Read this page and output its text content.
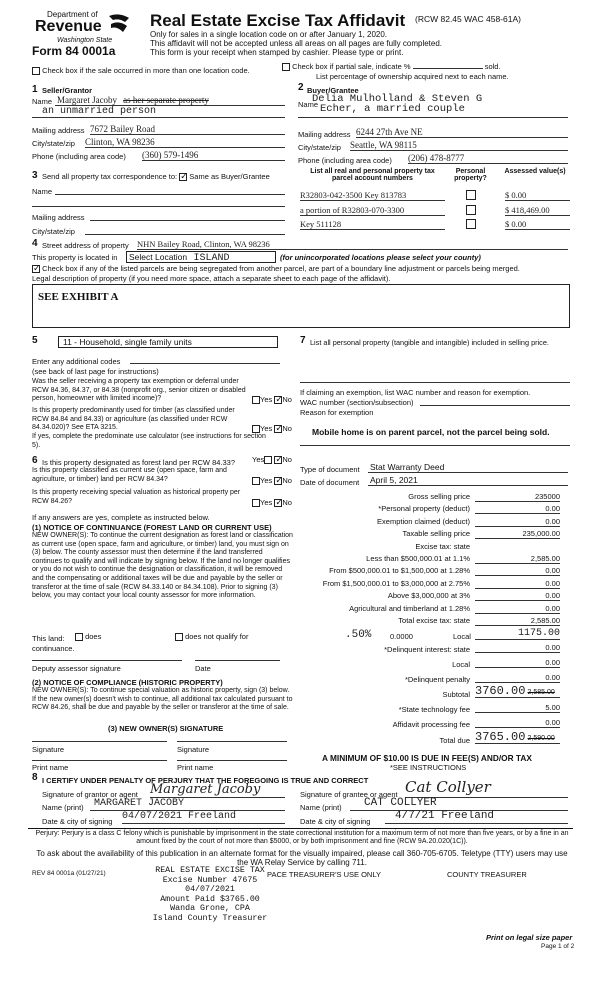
Department of
Revenue
Washington State
Form 84 0001a
Real Estate Excise Tax Affidavit (RCW 82.45 WAC 458-61A)
Only for sales in a single location code on or after January 1, 2020.
This affidavit will not be accepted unless all areas on all pages are fully completed.
This form is your receipt when stamped by cashier. Please type or print.
Check box if the sale occurred in more than one location code.	Check box if partial sale, indicate %	sold.
List percentage of ownership acquired next to each name.
1 Seller/Grantor
Name Margaret Jacoby as her separate property
an unmarried person
Mailing address 7672 Bailey Road
City/state/zip Clinton, WA 98236
Phone (including area code) (360) 579-1496
2 Buyer/Grantee
Name
Delia Mulholland & Steven G
Echer, a married couple
Mailing address 6244 27th Ave NE
City/state/zip Seattle, WA 98115
Phone (including area code) (206) 478-8777
3 Send all property tax correspondence to: ✓ Same as Buyer/Grantee
Name
Mailing address
City/state/zip
List all real and personal property tax parcel account numbers
Personal property?
Assessed value(s)
R32803-042-3500 Key 813783	$ 0.00
a portion of R32803-070-3300	$ 418,469.00
Key 511128	$ 0.00
4 Street address of property NHN Bailey Road, Clinton, WA 98236
This property is located in	Select Location ISLAND	(for unincorporated locations please select your county)
✓ Check box if any of the listed parcels are being segregated from another parcel, are part of a boundary line adjustment or parcels being merged.
Legal description of property (if you need more space, attach a separate sheet to each page of the affidavit).
SEE EXHIBIT A
5	11 - Household, single family units
Enter any additional codes
(see back of last page for instructions)
Was the seller receiving a property tax exemption or deferral under RCW 84.36, 84.37, or 84.38 (nonprofit org., senior citizen or disabled person, homeowner with limited income)?	Yes ✓ No
Is this property predominantly used for timber (as classified under RCW 84.84 and 84.33) or agriculture (as classified under RCW 84.34.020)? See ETA 3215.	Yes ✓ No
If yes, complete the predominate use calculator (see instructions for section 5).
6 Is this property designated as forest land per RCW 84.33? Yes ✓ No
Is this property classified as current use (open space, farm and agriculture, or timber) land per RCW 84.34?	Yes ✓ No
Is this property receiving special valuation as historical property per RCW 84.26?	Yes ✓ No
If any answers are yes, complete as instructed below.
(1) NOTICE OF CONTINUANCE (FOREST LAND OR CURRENT USE)
NEW OWNER(S): To continue the current designation as forest land or classification as current use (open space, farm and agriculture, or timber) land, you must sign on (3) below. The county assessor must then determine if the land transferred continues to qualify and will indicate by signing below. If the land no longer qualifies or you do not wish to continue the designation or classification, it will be removed and the compensating or additional taxes will be due and payable by the seller or transferor at the time of sale (RCW 84.33.140 or 84.34.108). Prior to signing (3) below, you may contact your local county assessor for more information.
This land:	does	does not qualify for
continuance.
Deputy assessor signature	Date
(2) NOTICE OF COMPLIANCE (HISTORIC PROPERTY)
NEW OWNER(S): To continue special valuation as historic property, sign (3) below. If the new owner(s) doesn't wish to continue, all additional tax calculated pursuant to RCW 84.26, shall be due and payable by the seller or transferor at the time of sale.
(3) NEW OWNER(S) SIGNATURE
Signature	Signature
Print name	Print name
7 List all personal property (tangible and intangible) included in selling price.
If claiming an exemption, list WAC number and reason for exemption.
WAC number (section/subsection)
Reason for exemption
Mobile home is on parent parcel, not the parcel being sold.
Type of document Stat Warranty Deed
Date of document April 5, 2021
Gross selling price	235000
*Personal property (deduct)	0.00
Exemption claimed (deduct)	0.00
Taxable selling price	235,000.00
Excise tax: state
Less than $500,000.01 at 1.1%	2,585.00
From $500,000.01 to $1,500,000 at 1.28%	0.00
From $1,500,000.01 to $3,000,000 at 2.75%	0.00
Above $3,000,000 at 3%	0.00
Agricultural and timberland at 1.28%	0.00
Total excise tax: state	2,585.00
.50% 0.0000	Local	1175.00
*Delinquent interest: state	0.00
Local	0.00
*Delinquent penalty	0.00
Subtotal 3760.00 2,585.00
*State technology fee	5.00
Affidavit processing fee	0.00
Total due 3765.00 2,590.00
A MINIMUM OF $10.00 IS DUE IN FEE(S) AND/OR TAX
*SEE INSTRUCTIONS
8 I CERTIFY UNDER PENALTY OF PERJURY THAT THE FOREGOING IS TRUE AND CORRECT
Signature of grantor or agent Margaret Jacoby
Name (print)	MARGARET JACOBY
Date & city of signing 04/07/2021 Freeland
Signature of grantee or agent Cat Collyer
Name (print)	CAT COLLYER
Date & city of signing	4/7/21 Freeland
Perjury: Perjury is a class C felony which is punishable by imprisonment in the state correctional institution for a maximum term of not more than five years, or by a fine in an amount fixed by the court of not more than $5000, or by both imprisonment and fine (RCW 9A.20.020(1C)).
To ask about the availability of this publication in an alternate format for the visually impaired, please call 360-705-6705. Teletype (TTY) users may use the WA Relay Service by calling 711.
REV 84 0001a (01/27/21)	REAL ESTATE EXCISE TAX
Excise Number 47675
04/07/2021
Amount Paid $3765.00
Wanda Grone, CPA
Island County Treasurer
PACE TREASURER'S USE ONLY	COUNTY TREASURER
Print on legal size paper
Page 1 of 2
